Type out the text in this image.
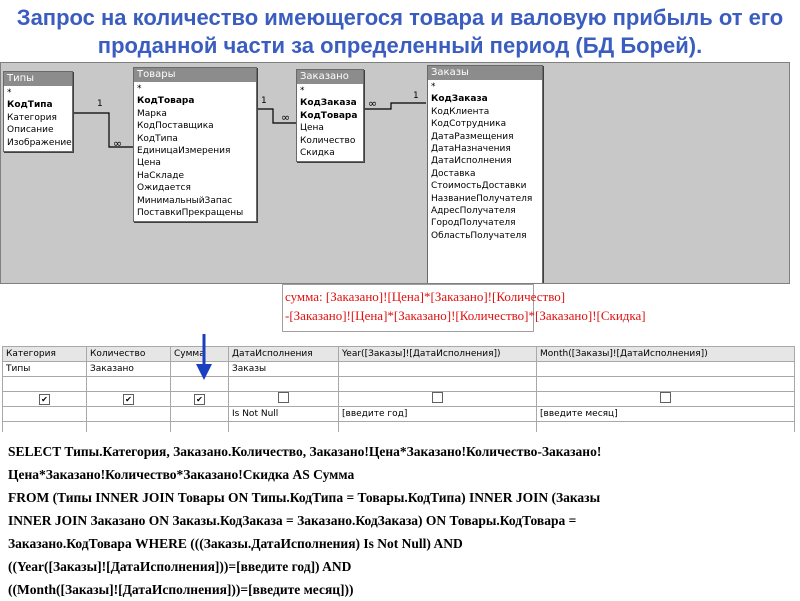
Запрос на количество имеющегося товара и валовую прибыль от его проданной части за определенный период (БД Борей).
1
∞
1
∞
1
∞
Типы
*
КодТипа
Категория
Описание
Изображение
Товары
*
КодТовара
Марка
КодПоставщика
КодТипа
ЕдиницаИзмерения
Цена
НаСкладе
Ожидается
МинимальныйЗапас
ПоставкиПрекращены
Заказано
*
КодЗаказа
КодТовара
Цена
Количество
Скидка
Заказы
*
КодЗаказа
КодКлиента
КодСотрудника
ДатаРазмещения
ДатаНазначения
ДатаИсполнения
Доставка
СтоимостьДоставки
НазваниеПолучателя
АдресПолучателя
ГородПолучателя
ОбластьПолучателя
сумма: [Заказано]![Цена]*[Заказано]![Количество]
-[Заказано]![Цена]*[Заказано]![Количество]*[Заказано]![Скидка]
Категория	Количество	Сумма	ДатаИсполнения	Year([Заказы]![ДатаИсполнения])	Month([Заказы]![ДатаИсполнения])
Типы	Заказано		Заказы		

✔	✔	✔			
			Is Not Null	[введите год]	[введите месяц]

SELECT Типы.Категория, Заказано.Количество, Заказано!Цена*Заказано!Количество-Заказано!
Цена*Заказано!Количество*Заказано!Скидка AS Сумма
FROM (Типы INNER JOIN Товары ON Типы.КодТипа = Товары.КодТипа) INNER JOIN (Заказы
INNER JOIN Заказано ON Заказы.КодЗаказа = Заказано.КодЗаказа) ON Товары.КодТовара =
Заказано.КодТовара WHERE (((Заказы.ДатаИсполнения) Is Not Null) AND
((Year([Заказы]![ДатаИсполнения]))=[введите год]) AND
((Month([Заказы]![ДатаИсполнения]))=[введите месяц]))
